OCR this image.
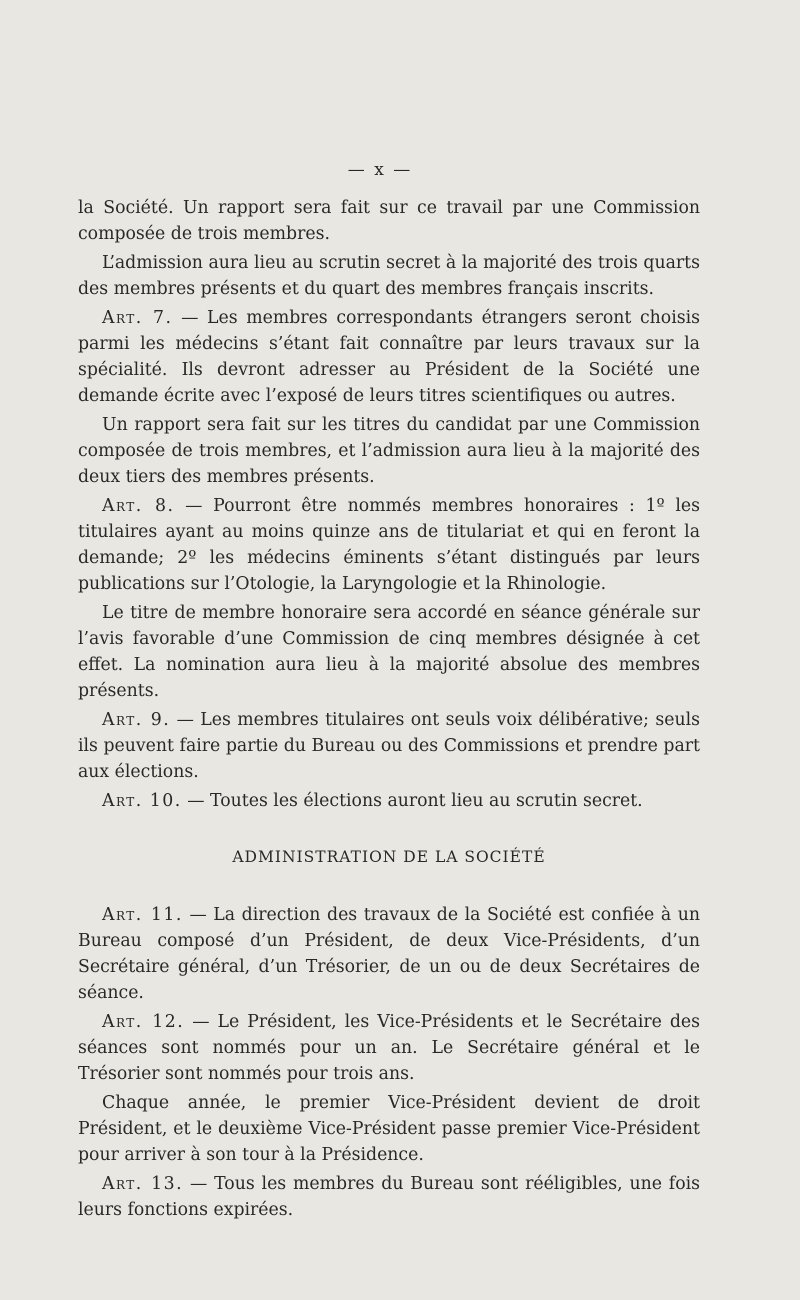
— x —

la Société. Un rapport sera fait sur ce travail par une Commission composée de trois membres.

L’admission aura lieu au scrutin secret à la majorité des trois quarts des membres présents et du quart des membres français inscrits.

Art. 7. — Les membres correspondants étrangers seront choisis parmi les médecins s’étant fait connaître par leurs travaux sur la spécialité. Ils devront adresser au Président de la Société une demande écrite avec l’exposé de leurs titres scientifiques ou autres.

Un rapport sera fait sur les titres du candidat par une Commission composée de trois membres, et l’admission aura lieu à la majorité des deux tiers des membres présents.

Art. 8. — Pourront être nommés membres honoraires : 1º les titulaires ayant au moins quinze ans de titulariat et qui en feront la demande; 2º les médecins éminents s’étant distingués par leurs publications sur l’Otologie, la Laryngologie et la Rhinologie.

Le titre de membre honoraire sera accordé en séance générale sur l’avis favorable d’une Commission de cinq membres désignée à cet effet. La nomination aura lieu à la majorité absolue des membres présents.

Art. 9. — Les membres titulaires ont seuls voix délibérative; seuls ils peuvent faire partie du Bureau ou des Commissions et prendre part aux élections.

Art. 10. — Toutes les élections auront lieu au scrutin secret.

ADMINISTRATION DE LA SOCIÉTÉ

Art. 11. — La direction des travaux de la Société est confiée à un Bureau composé d’un Président, de deux Vice-Présidents, d’un Secrétaire général, d’un Trésorier, de un ou de deux Secrétaires de séance.

Art. 12. — Le Président, les Vice-Présidents et le Secrétaire des séances sont nommés pour un an. Le Secrétaire général et le Trésorier sont nommés pour trois ans.

Chaque année, le premier Vice-Président devient de droit Président, et le deuxième Vice-Président passe premier Vice-Président pour arriver à son tour à la Présidence.

Art. 13. — Tous les membres du Bureau sont rééligibles, une fois leurs fonctions expirées.
